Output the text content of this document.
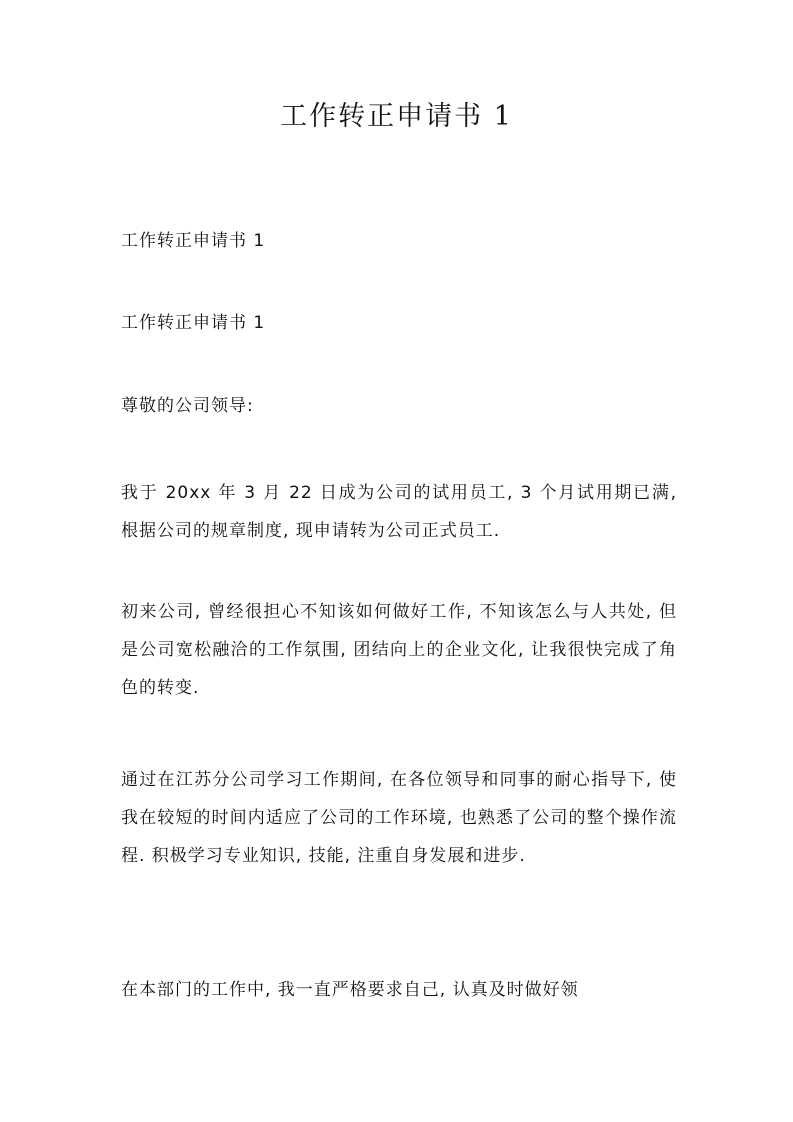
工作转正申请书 1

工作转正申请书 1

工作转正申请书 1

尊敬的公司领导:

我于 20xx 年 3 月 22 日成为公司的试用员工, 3 个月试用期已满, 根据公司的规章制度, 现申请转为公司正式员工.

初来公司, 曾经很担心不知该如何做好工作, 不知该怎么与人共处, 但是公司宽松融洽的工作氛围, 团结向上的企业文化, 让我很快完成了角色的转变.

通过在江苏分公司学习工作期间, 在各位领导和同事的耐心指导下, 使我在较短的时间内适应了公司的工作环境, 也熟悉了公司的整个操作流程. 积极学习专业知识, 技能, 注重自身发展和进步.

在本部门的工作中, 我一直严格要求自己, 认真及时做好领
